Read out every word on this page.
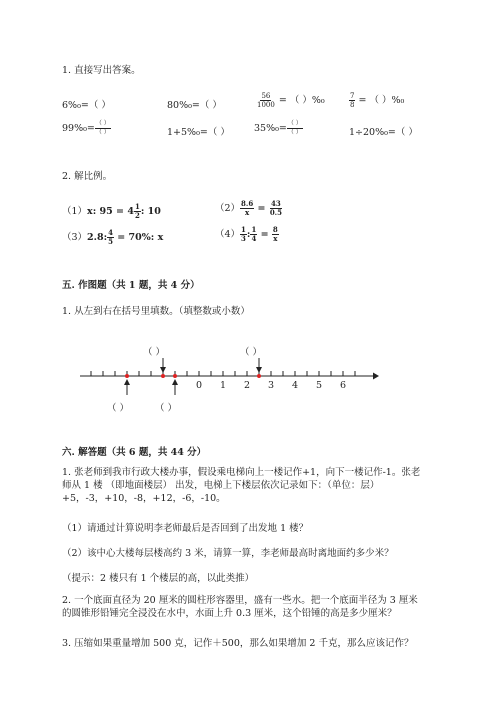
1. 直接写出答案。
6%₀=（ ）	80%₀=（ ）	$\frac{56}{1000}$ = （ ）%₀	$\frac{7}{8}$ = （ ）%₀
$99\%_0= \frac{( )}{( )}$	1+5%₀=（ ）	$35\%_0= \frac{( )}{( )}$	1÷20%₀=（ ）
2. 解比例。
（1）x: $95 = 4 \frac{1}{2}$ : 10	$(2) \frac{8.6}{x} = \frac{43}{0.5}$
（3）2.8: $\frac{4}{5} = 70\%$: x	$(4) \frac{1}{3}$ : $\frac{1}{4} = \frac{8}{x}$
五. 作图题（共 1 题，共 4 分）
1. 从左到右在括号里填数。（填整数或小数）
0 1 2 3 4 5 6
（ ）	（ ）
（ ）	（ ）
六. 解答题（共 6 题，共 44 分）
1. 张老师到我市行政大楼办事，假设乘电梯向上一楼记作+1，向下一楼记作-1。张老师从 1 楼 （即地面楼层） 出发，电梯上下楼层依次记录如下：（单位：层）+5，-3，+10，-8，+12，-6，-10。
（1）请通过计算说明李老师最后是否回到了出发地 1 楼？
（2）该中心大楼每层楼高约 3 米，请算一算，李老师最高时离地面约多少米？
（提示：2 楼只有 1 个楼层的高，以此类推）
2. 一个底面直径为 20 厘米的圆柱形容器里，盛有一些水。把一个底面半径为 3 厘米的圆锥形铅锤完全浸没在水中，水面上升 0.3 厘米，这个铅锤的高是多少厘米？
3. 压缩如果重量增加 500 克，记作＋500，那么如果增加 2 千克，那么应该记作？
